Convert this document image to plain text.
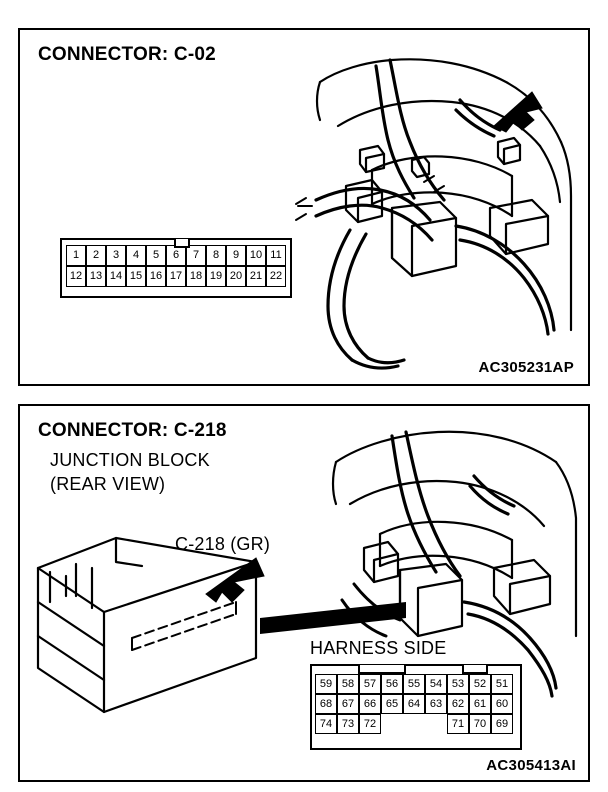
CONNECTOR: C-02
1	2	3	4	5	6	7	8	9 10 11
12 13 14 15 16 17 18 19 20 21 22
AC305231AP
CONNECTOR: C-218
JUNCTION BLOCK
(REAR VIEW)
C-218 (GR)
HARNESS SIDE
59 58 57 56 55 54 53 52 51
68 67 66 65 64 63 62 61 60
74 73 72	71 70 69
AC305413AI
